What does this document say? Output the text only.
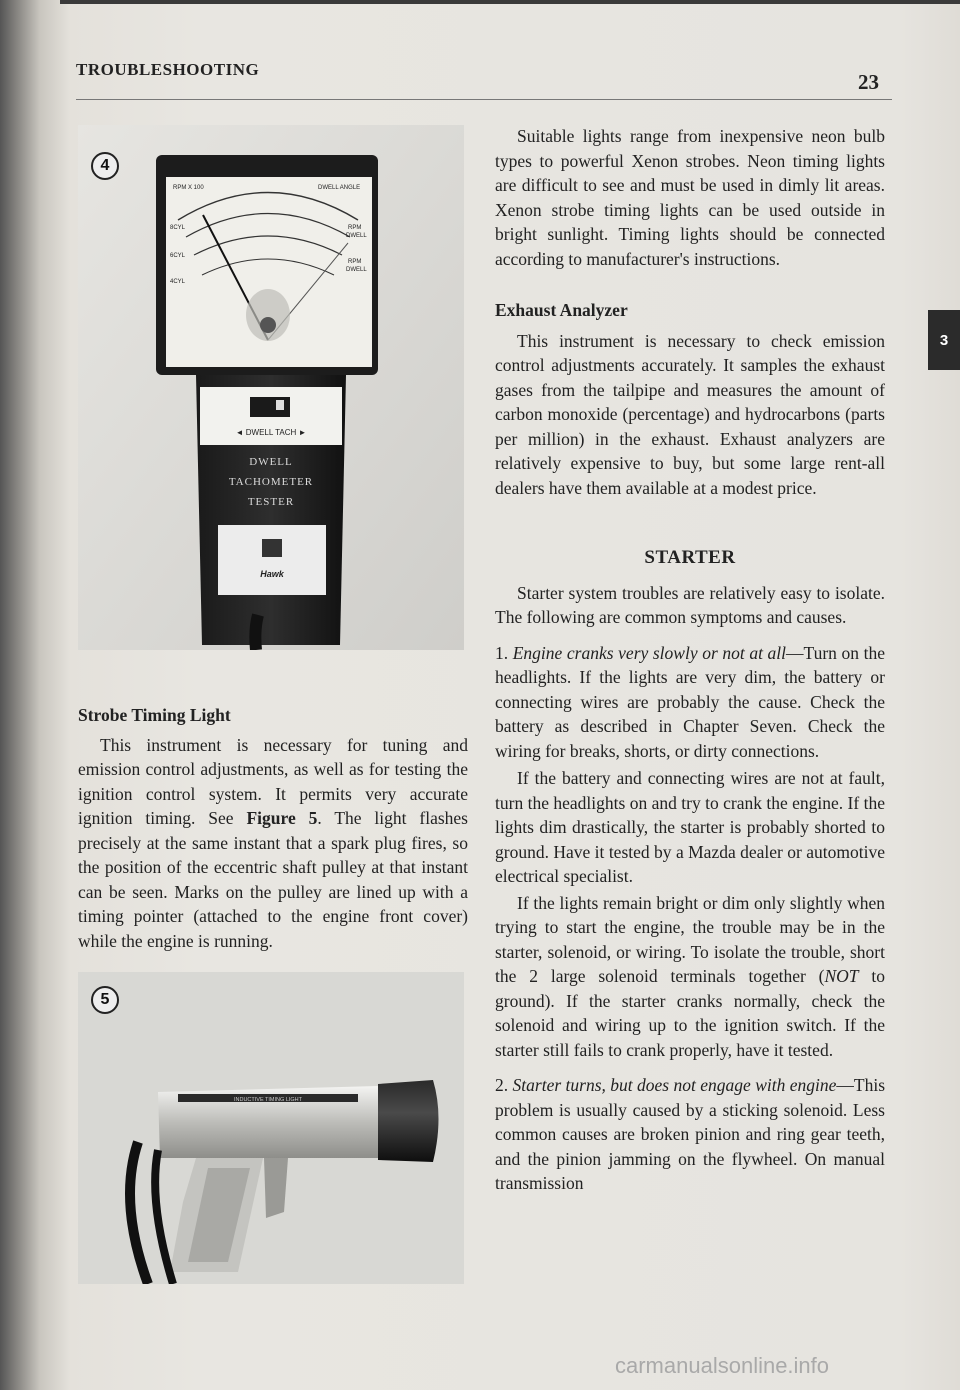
TROUBLESHOOTING
23
RPM X 100	DWELL ANGLE
8CYL
6CYL
4CYL
RPM
DWELL
RPM
DWELL
◄ DWELL TACH ►
DWELL
TACHOMETER
TESTER
Hawk
4
Strobe Timing Light

This instrument is necessary for tuning and emission control adjustments, as well as for testing the ignition control system. It permits very accurate ignition timing. See Figure 5. The light flashes precisely at the same instant that a spark plug fires, so the position of the eccentric shaft pulley at that instant can be seen. Marks on the pulley are lined up with a timing pointer (attached to the engine front cover) while the engine is running.

INDUCTIVE TIMING LIGHT
5

Suitable lights range from inexpensive neon bulb types to powerful Xenon strobes. Neon timing lights are difficult to see and must be used in dimly lit areas. Xenon strobe timing lights can be used outside in bright sunlight. Timing lights should be connected according to manufacturer's instructions.

Exhaust Analyzer

This instrument is necessary to check emission control adjustments accurately. It samples the exhaust gases from the tailpipe and measures the amount of carbon monoxide (percentage) and hydrocarbons (parts per million) in the exhaust. Exhaust analyzers are relatively expensive to buy, but some large rent-all dealers have them available at a modest price.

STARTER

Starter system troubles are relatively easy to isolate. The following are common symptoms and causes.

1. Engine cranks very slowly or not at all—Turn on the headlights. If the lights are very dim, the battery or connecting wires are probably the cause. Check the battery as described in Chapter Seven. Check the wiring for breaks, shorts, or dirty connections.

If the battery and connecting wires are not at fault, turn the headlights on and try to crank the engine. If the lights dim drastically, the starter is probably shorted to ground. Have it tested by a Mazda dealer or automotive electrical specialist.

If the lights remain bright or dim only slightly when trying to start the engine, the trouble may be in the starter, solenoid, or wiring. To isolate the trouble, short the 2 large solenoid terminals together (NOT to ground). If the starter cranks normally, check the solenoid and wiring up to the ignition switch. If the starter still fails to crank properly, have it tested.

2. Starter turns, but does not engage with engine—This problem is usually caused by a sticking solenoid. Less common causes are broken pinion and ring gear teeth, and the pinion jamming on the flywheel. On manual transmission

3
carmanualsonline.info
